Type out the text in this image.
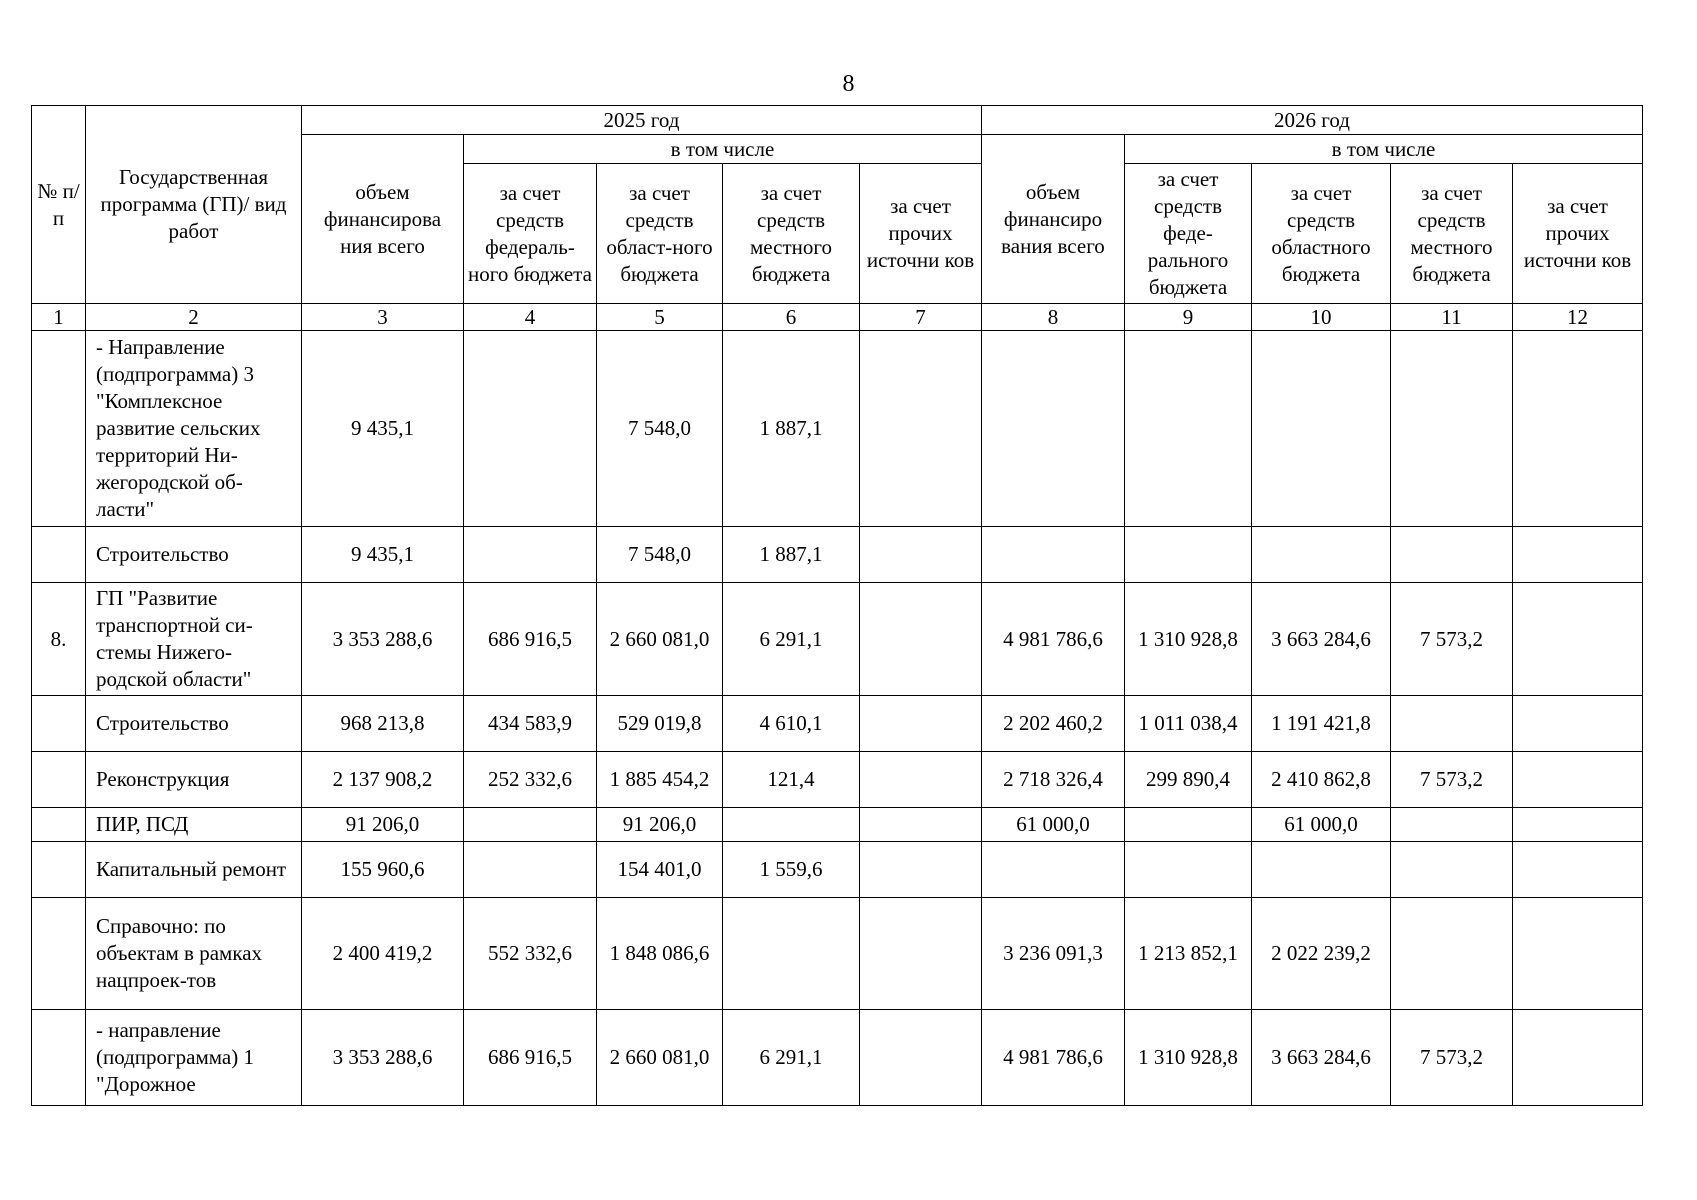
8
№ п/ п	Государственная программа (ГП)/ вид работ	2025 год					2026 год				
		объем финансирова ния всего	в том числе				объем финансиро вания всего	в том числе			
			за счет средств федераль-ного бюджета	за счет средств област-ного бюджета	за счет средств местного бюджета	за счет прочих источни ков		за счет средств феде-рального бюджета	за счет средств областного бюджета	за счет средств местного бюджета	за счет прочих источни ков
1	2	3	4	5	6	7	8	9	10	11	12
	- Направление (подпрограмма) 3 "Комплексное развитие сельских территорий Ни-жегородской об-ласти"	9 435,1		7 548,0	1 887,1						
	Строительство	9 435,1		7 548,0	1 887,1						
8.	ГП "Развитие транспортной си-стемы Нижего-родской области"	3 353 288,6	686 916,5	2 660 081,0	6 291,1		4 981 786,6	1 310 928,8	3 663 284,6	7 573,2	
	Строительство	968 213,8	434 583,9	529 019,8	4 610,1		2 202 460,2	1 011 038,4	1 191 421,8		
	Реконструкция	2 137 908,2	252 332,6	1 885 454,2	121,4		2 718 326,4	299 890,4	2 410 862,8	7 573,2	
	ПИР, ПСД	91 206,0		91 206,0			61 000,0		61 000,0		
	Капитальный ремонт	155 960,6		154 401,0	1 559,6						
	Справочно: по объектам в рамках нацпроек-тов	2 400 419,2	552 332,6	1 848 086,6			3 236 091,3	1 213 852,1	2 022 239,2		
	- направление (подпрограмма) 1 "Дорожное	3 353 288,6	686 916,5	2 660 081,0	6 291,1		4 981 786,6	1 310 928,8	3 663 284,6	7 573,2	
